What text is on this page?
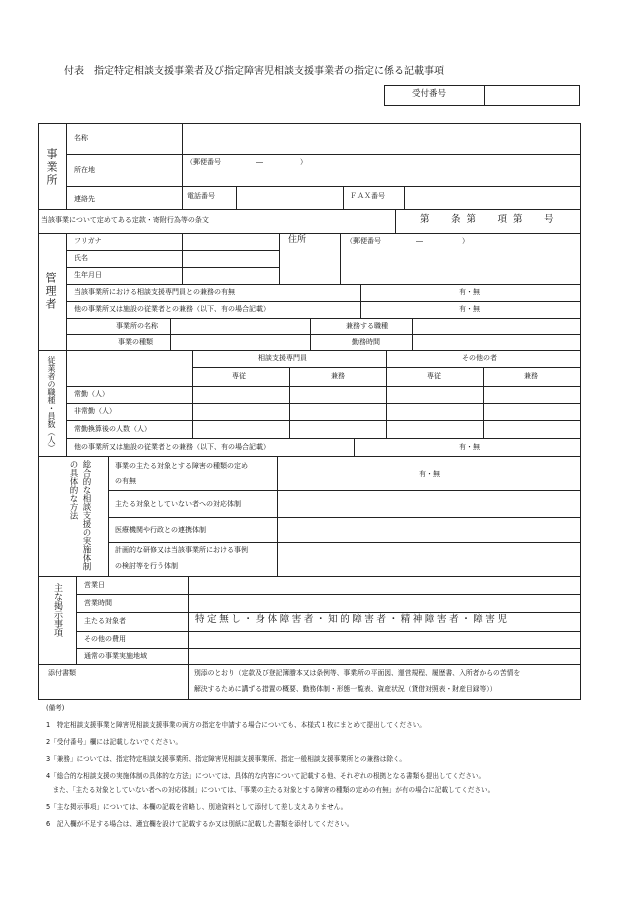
付表　指定特定相談支援事業者及び指定障害児相談支援事業者の指定に係る記載事項
受付番号
事業所
名称
所在地
（郵便番号	―	）
連絡先	電話番号	ＦＡＸ番号
当該事業について定めてある定款・寄附行為等の条文	第　条第　項第　号
管理者
フリガナ
氏名
生年月日
住所	（郵便番号	―	）
当該事業所における相談支援専門員との兼務の有無	有・無
他の事業所又は施設の従業者との兼務（以下、有の場合記載）	有・無
事業所の名称	兼務する職種
事業の種類	勤務時間
従業者の職種・員数（人）	相談支援専門員	その他の者
専従	兼務	専従	兼務
常勤（人）
非常勤（人）
常勤換算後の人数（人）
他の事業所又は施設の従業者との兼務（以下、有の場合記載）	有・無
総合的な相談支援の実施体制の具体的な方法	事業の主たる対象とする障害の種類の定め
の有無
有・無
主たる対象としていない者への対応体制
医療機関や行政との連携体制
計画的な研修又は当該事業所における事例
の検討等を行う体制
主な掲示事項	営業日
営業時間
主たる対象者	特定無し・身体障害者・知的障害者・精神障害者・障害児
その他の費用
通常の事業実施地域
添付書類	別添のとおり（定款及び登記簿謄本又は条例等、事業所の平面図、運営規程、履歴書、入所者からの苦情を
解決するために講ずる措置の概要、勤務体制・形態一覧表、資産状況（貸借対照表・財産目録等））
(備考)
1　特定相談支援事業と障害児相談支援事業の両方の指定を申請する場合についても、本様式１枚にまとめて提出してください。
2「受付番号」欄には記載しないでください。
3「兼務」については、指定特定相談支援事業所、指定障害児相談支援事業所、指定一般相談支援事業所との兼務は除く。
4「総合的な相談支援の実施体制の具体的な方法」については、具体的な内容について記載する他、それぞれの根拠となる書類も提出してください。
　また、「主たる対象としていない者への対応体制」については、「事業の主たる対象とする障害の種類の定めの有無」が有の場合に記載してください。
5「主な掲示事項」については、本欄の記載を省略し、別途資料として添付して差し支えありません。
6　記入欄が不足する場合は、適宜欄を設けて記載するか又は別紙に記載した書類を添付してください。
